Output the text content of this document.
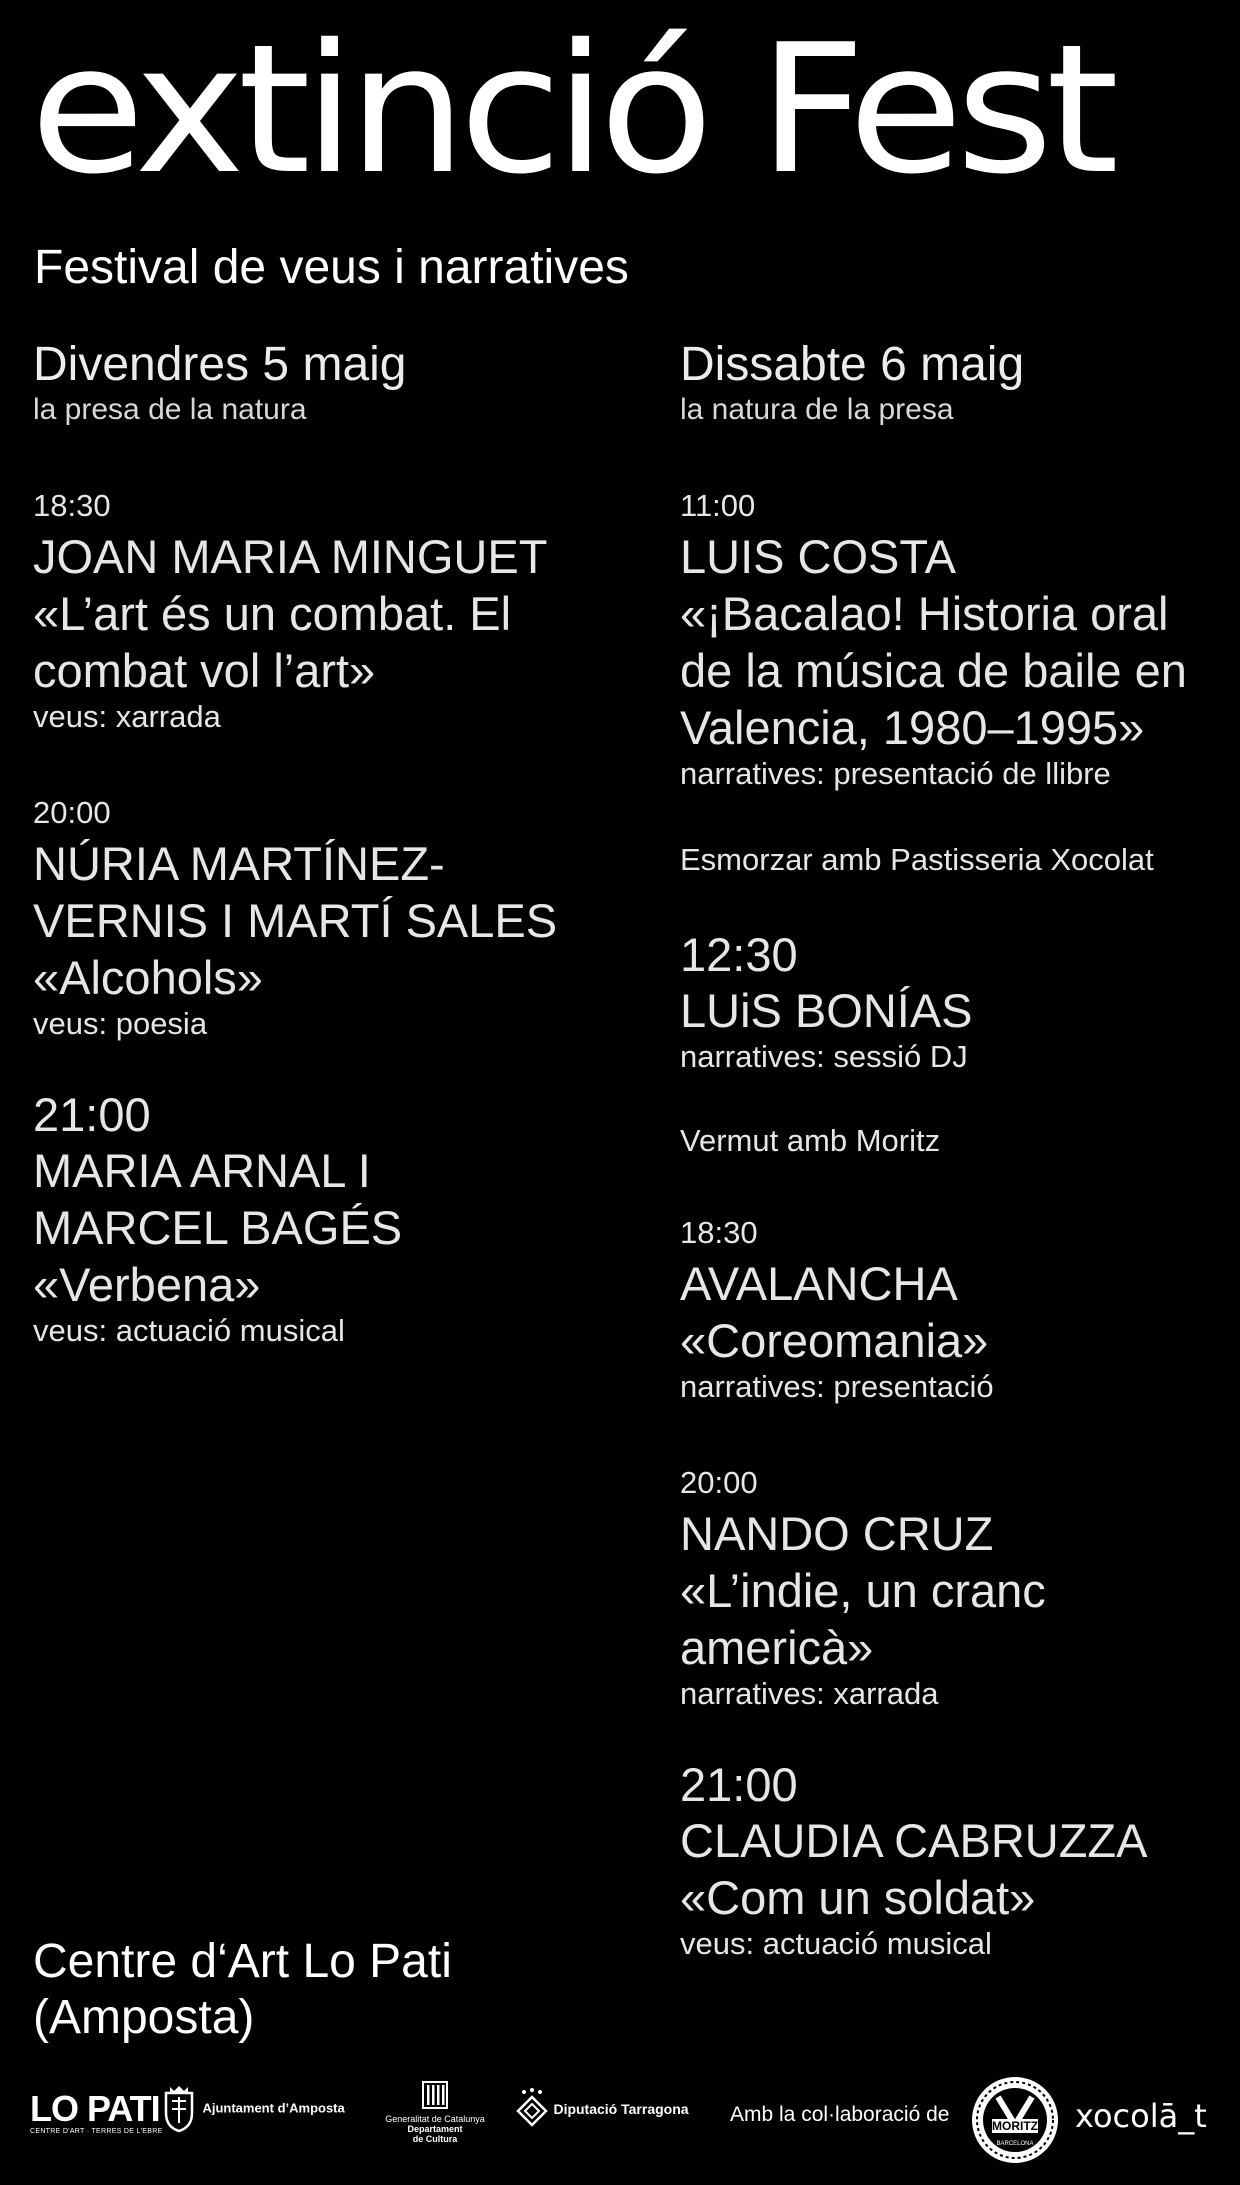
extinció Fest
Festival de veus i narratives
Divendres 5 maig
la presa de la natura
18:30
JOAN MARIA MINGUET
«L’art és un combat. El combat vol l’art»
veus: xarrada
20:00
NÚRIA MARTÍNEZ- VERNIS I MARTÍ SALES
«Alcohols»
veus: poesia
21:00
MARIA ARNAL I MARCEL BAGÉS
«Verbena»
veus: actuació musical
Dissabte 6 maig
la natura de la presa
11:00
LUIS COSTA
«¡Bacalao! Historia oral de la música de baile en Valencia, 1980–1995»
narratives: presentació de llibre
Esmorzar amb Pastisseria Xocolat
12:30
LUiS BONÍAS
narratives: sessió DJ
Vermut amb Moritz
18:30
AVALANCHA
«Coreomania»
narratives: presentació
20:00
NANDO CRUZ
«L’indie, un cranc americà»
narratives: xarrada
21:00
CLAUDIA CABRUZZA
«Com un soldat»
veus: actuació musical
Centre d‘Art Lo Pati
(Amposta)
LO PATI
CENTRE D'ART · TERRES DE L'EBRE
Ajuntament d’Amposta
Generalitat de Catalunya
Departament
de Cultura
Diputació Tarragona Amb la col·laboració de	MORITZ
BARCELONA
xocolā_t
